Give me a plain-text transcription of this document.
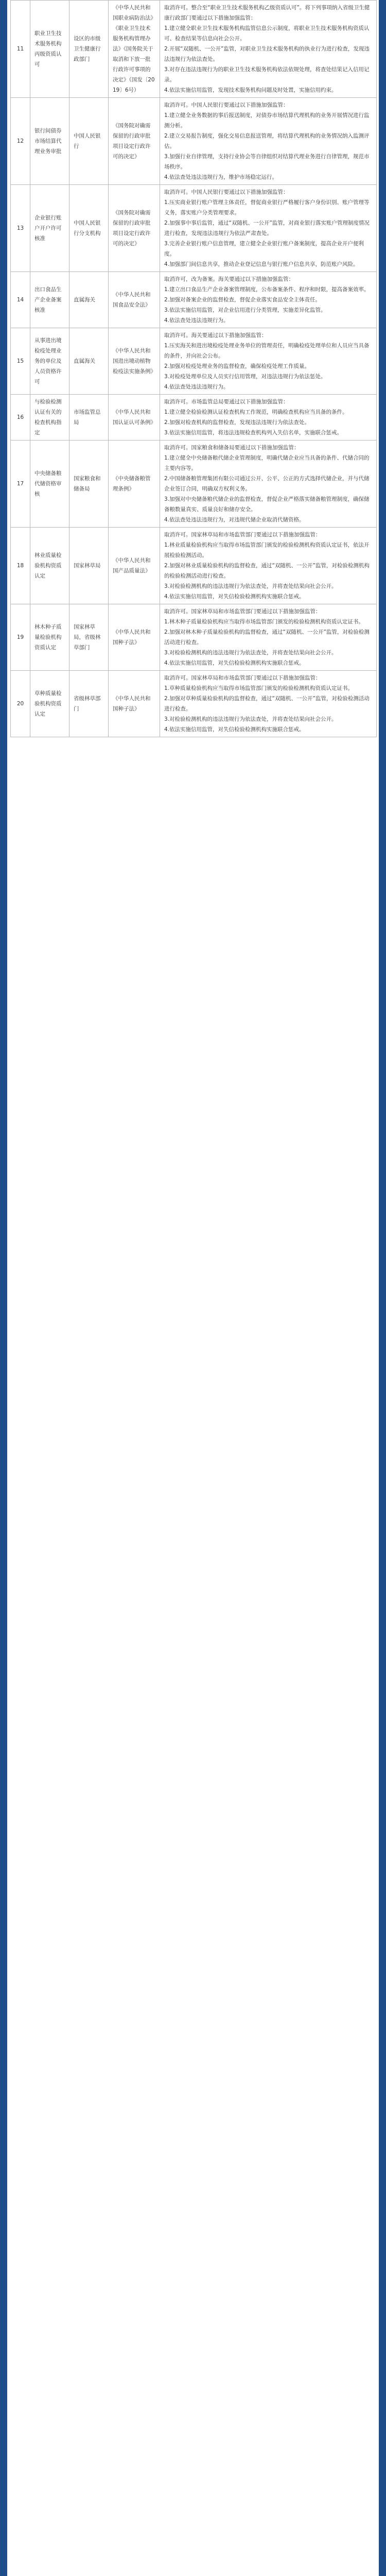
11	职业卫生技术服务机构丙级资质认可	设区的市级卫生健康行政部门	《中华人民共和国职业病防治法》《职业卫生技术服务机构管理办法》《国务院关于取消和下放一批行政许可事项的决定》（国发〔2019〕6号）	取消许可。整合至“职业卫生技术服务机构乙级资质认可”。将下列事项纳入省级卫生健康行政部门要通过以下措施加强监管：

1.建立健全职业卫生技术服务机构监管信息公示制度，将职业卫生技术服务机构资质认可、检查结果等信息向社会公开。

2.开展“双随机、一公开”监管，对职业卫生技术服务机构的执业行为进行检查，发现违法违规行为依法查处。

3.对存在违法违规行为的职业卫生技术服务机构依法依规处理，将查处结果记入信用记录。

4.依法实施信用监管，发现技术服务机构问题及时处置，实施信用约束。

12	银行间债券市场结算代理业务审批	中国人民银行	《国务院对确需保留的行政审批项目设定行政许可的决定》	取消许可。中国人民银行要通过以下措施加强监管：

1.建立健全业务数据的事后报送制度，对债券市场结算代理机构的业务开展情况进行监测分析。

2.建立交易报告制度，强化交易信息报送管理，将结算代理机构的业务情况纳入监测评估。

3.加强行业自律管理，支持行业协会等自律组织对结算代理业务进行自律管理，规范市场秩序。

4.依法查处违法违规行为，维护市场稳定运行。

13	企业银行账户开户许可核准	中国人民银行分支机构	《国务院对确需保留的行政审批项目设定行政许可的决定》	取消许可。中国人民银行要通过以下措施加强监管：

1.压实商业银行账户管理主体责任，督促商业银行严格履行客户身份识别、账户管理等义务，落实账户分类管理要求。

2.加强事中事后监管，通过“双随机、一公开”监管，对商业银行落实账户管理制度情况进行检查，发现违法违规行为依法严肃查处。

3.完善企业银行账户信息管理，建立健全企业银行账户备案制度，提高企业开户便利度。

4.加强部门间信息共享，推动企业登记信息与银行账户信息共享，防范账户风险。

14	出口食品生产企业备案核准	直属海关	《中华人民共和国食品安全法》	取消许可，改为备案。海关要通过以下措施加强监管：

1.建立出口食品生产企业备案管理制度，公布备案条件、程序和时限，提高备案效率。

2.加强对备案企业的监督检查，督促企业落实食品安全主体责任。

3.依法实施信用监管，对企业信用进行分类管理，实施差异化监管。

4.依法查处违法违规行为。

15	从事进出境检疫处理业务的单位及人员资格许可	直属海关	《中华人民共和国进出境动植物检疫法实施条例》	取消许可。海关要通过以下措施加强监管：

1.压实海关和进出境检疫处理业务单位的管理责任，明确检疫处理单位和人员应当具备的条件，并向社会公布。

2.加强对检疫处理业务的监督检查，确保检疫处理工作质量。

3.对检疫处理单位及人员实行信用管理，对违法违规行为依法惩处。

4.依法查处违法违规行为。

16	与检验检测认证有关的检查机构指定	市场监管总局	《中华人民共和国认证认可条例》	取消许可。市场监管总局要通过以下措施加强监管：

1.建立健全检验检测认证检查机构工作规范，明确检查机构应当具备的条件。

2.加强对检查机构的监督检查，发现违法违规行为依法查处。

3.依法实施信用监管，将违法违规检查机构列入失信名单，实施联合惩戒。

17	中央储备粮代储资格审核	国家粮食和储备局	《中央储备粮管理条例》	取消许可。国家粮食和储备局要通过以下措施加强监管：

1.建立健全中央储备粮代储企业管理制度，明确代储企业应当具备的条件、代储合同的主要内容等。

2.中国储备粮管理集团有限公司通过公开、公平、公正的方式选择代储企业，并与代储企业签订合同，明确双方权利义务。

3.加强对中央储备粮代储企业的监督检查，督促企业严格落实储备粮管理制度，确保储备粮数量真实、质量良好和储存安全。

4.依法查处违法违规行为，对违规代储企业取消代储资格。

18	林业质量检验机构资质认定	国家林草局	《中华人民共和国产品质量法》	取消许可。国家林草局和市场监管部门要通过以下措施加强监管：

1.林业质量检验机构应当取得市场监管部门颁发的检验检测机构资质认定证书，依法开展检验检测活动。

2.加强对林业质量检验机构的监督检查，通过“双随机、一公开”监管，对检验检测机构的检验检测活动进行检查。

3.对检验检测机构的违法违规行为依法查处，并将查处结果向社会公开。

4.依法实施信用监管，对失信检验检测机构实施联合惩戒。

19	林木种子质量检验机构资质认定	国家林草局，省级林草部门	《中华人民共和国种子法》	取消许可。国家林草局和市场监管部门要通过以下措施加强监管：

1.林木种子质量检验机构应当取得市场监管部门颁发的检验检测机构资质认定证书。

2.加强对林木种子质量检验机构的监督检查，通过“双随机、一公开”监管，对检验检测活动进行检查。

3.对检验检测机构的违法违规行为依法查处，并将查处结果向社会公开。

4.依法实施信用监管，对失信检验检测机构实施联合惩戒。

20	草种质量检验机构资质认定	省级林草部门	《中华人民共和国种子法》	取消许可。国家林草局和市场监管部门要通过以下措施加强监管：

1.草种质量检验机构应当取得市场监管部门颁发的检验检测机构资质认定证书。

2.加强对草种质量检验机构的监督检查，通过“双随机、一公开”监管，对检验检测活动进行检查。

3.对检验检测机构的违法违规行为依法查处，并将查处结果向社会公开。

4.依法实施信用监管，对失信检验检测机构实施联合惩戒。
